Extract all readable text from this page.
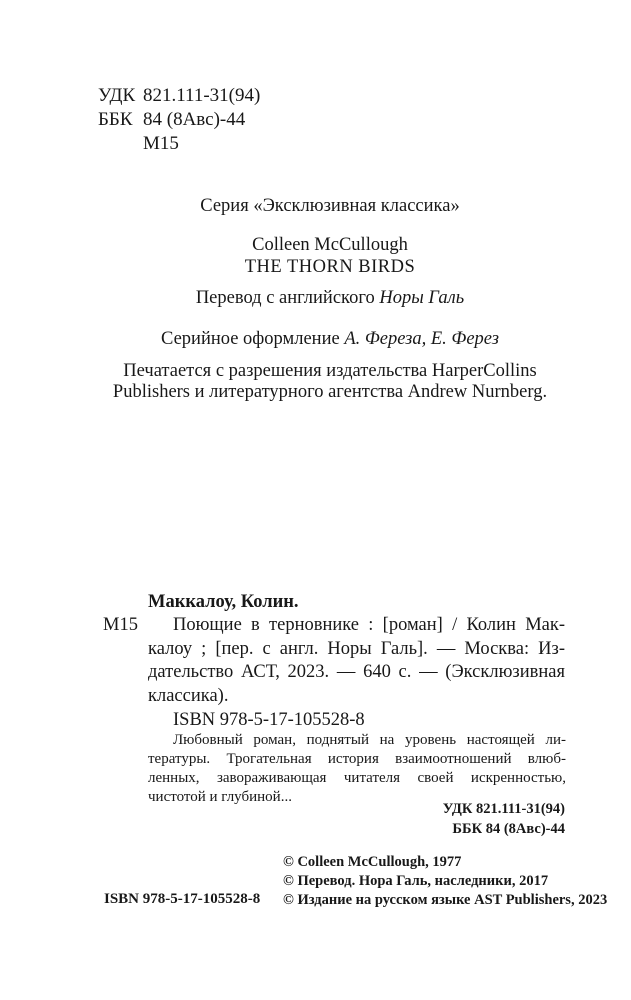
УДК 821.111-31(94)
ББК 84 (8Авс)-44
М15
Серия «Эксклюзивная классика»
Colleen McCullough
THE THORN BIRDS
Перевод с английского Норы Галь
Серийное оформление А. Фереза, Е. Ферез
Печатается с разрешения издательства HarperCollins
Publishers и литературного агентства Andrew Nurnberg.
Маккалоу, Колин.
М15	Поющие в терновнике : [роман] / Колин Мак-
калоу ; [пер. с англ. Норы Галь]. — Москва: Из-
дательство АСТ, 2023. — 640 с. — (Эксклюзивная
классика).
ISBN 978-5-17-105528-8
Любовный роман, поднятый на уровень настоящей ли-
тературы. Трогательная история взаимоотношений влюб-
ленных, завораживающая читателя своей искренностью,
чистотой и глубиной...
УДК 821.111-31(94)
ББК 84 (8Авс)-44
© Colleen McCullough, 1977
© Перевод. Нора Галь, наследники, 2017
© Издание на русском языке AST Publishers, 2023
ISBN 978-5-17-105528-8
